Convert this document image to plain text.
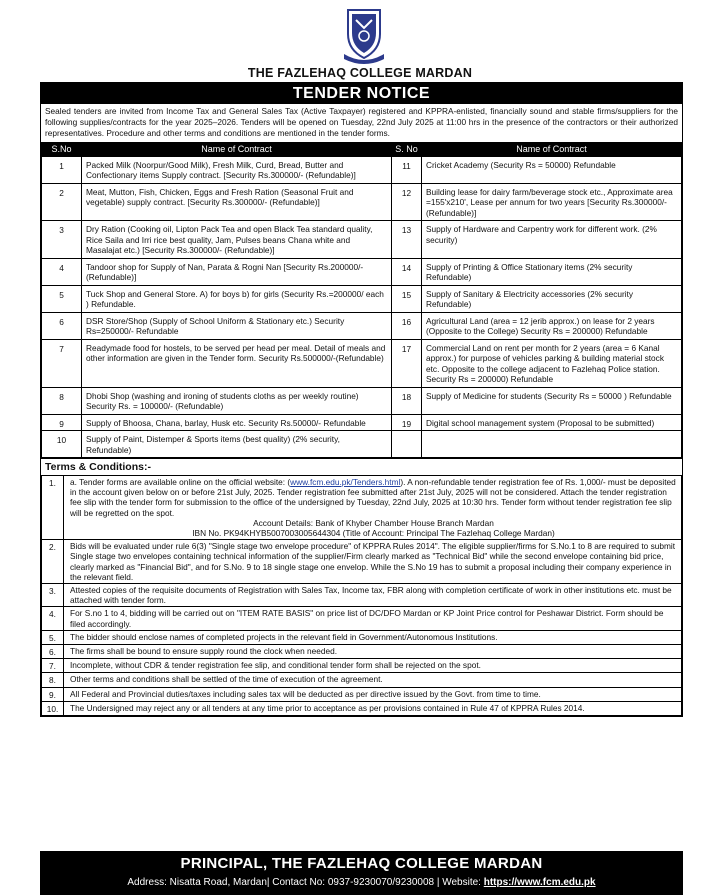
THE FAZLEHAQ COLLEGE MARDAN
TENDER NOTICE
Sealed tenders are invited from Income Tax and General Sales Tax (Active Taxpayer) registered and KPPRA-enlisted, financially sound and stable firms/suppliers for the following supplies/contracts for the year 2025–2026. Tenders will be opened on Tuesday, 22nd July 2025 at 11:00 hrs in the presence of the contractors or their authorized representatives. Procedure and other terms and conditions are mentioned in the tender forms.
S.No	Name of Contract	S. No	Name of Contract
1	Packed Milk (Noorpur/Good Milk), Fresh Milk, Curd, Bread, Butter and Confectionary items Supply contract. [Security Rs.300000/- (Refundable)]	11	Cricket Academy (Security Rs = 50000) Refundable
2	Meat, Mutton, Fish, Chicken, Eggs and Fresh Ration (Seasonal Fruit and vegetable) supply contract. [Security Rs.300000/- (Refundable)]	12	Building lease for dairy farm/beverage stock etc., Approximate area =155'x210', Lease per annum for two years [Security Rs.300000/- (Refundable)]
3	Dry Ration (Cooking oil, Lipton Pack Tea and open Black Tea standard quality, Rice Saila and Irri rice best quality, Jam, Pulses beans Chana white and Masalajat etc.) [Security Rs.300000/- (Refundable)]	13	Supply of Hardware and Carpentry work for different work. (2% security)
4	Tandoor shop for Supply of Nan, Parata & Rogni Nan [Security Rs.200000/- (Refundable)]	14	Supply of Printing & Office Stationary items (2% security Refundable)
5	Tuck Shop and General Store. A) for boys b) for girls (Security Rs.=200000/ each ) Refundable.	15	Supply of Sanitary & Electricity accessories (2% security Refundable)
6	DSR Store/Shop (Supply of School Uniform & Stationary etc.) Security Rs=250000/- Refundable	16	Agricultural Land (area = 12 jerib approx.) on lease for 2 years (Opposite to the College) Security Rs = 200000) Refundable
7	Readymade food for hostels, to be served per head per meal. Detail of meals and other information are given in the Tender form. Security Rs.500000/-(Refundable)	17	Commercial Land on rent per month for 2 years (area = 6 Kanal approx.) for purpose of vehicles parking & building material stock etc. Opposite to the college adjacent to Fazlehaq Police station. Security Rs = 200000) Refundable
8	Dhobi Shop (washing and ironing of students cloths as per weekly routine) Security Rs. = 100000/- (Refundable)	18	Supply of Medicine for students (Security Rs = 50000 ) Refundable
9	Supply of Bhoosa, Chana, barlay, Husk etc. Security Rs.50000/- Refundable	19	Digital school management system (Proposal to be submitted)
10	Supply of Paint, Distemper & Sports items (best quality) (2% security, Refundable)		
Terms & Conditions:-
1.	a. Tender forms are available online on the official website: (www.fcm.edu.pk/Tenders.html). A non-refundable tender registration fee of Rs. 1,000/- must be deposited in the account given below on or before 21st July, 2025. Tender registration fee submitted after 21st July, 2025 will not be considered. Attach the tender registration fee slip with the tender form for submission to the office of the undersigned by Tuesday, 22nd July, 2025 at 10:30 hrs. Tender form without tender registration fee slip will be regretted on the spot.
Account Details: Bank of Khyber Chamber House Branch Mardan
IBN No. PK94KHYB5007003005644304 (Title of Account: Principal The Fazlehaq College Mardan)

2.	Bids will be evaluated under rule 6(3) "Single stage two envelope procedure" of KPPRA Rules 2014". The eligible supplier/firms for S.No.1 to 8 are required to submit Single stage two envelopes containing technical information of the supplier/Firm clearly marked as "Technical Bid" while the second envelope containing bid price, clearly marked as "Financial Bid", and for S.No. 9 to 18 single stage one envelop. While the S.No 19 has to submit a proposal including their company experience in the relevant field.
3.	Attested copies of the requisite documents of Registration with Sales Tax, Income tax, FBR along with completion certificate of work in other institutions etc. must be attached with tender form.
4.	For S.no 1 to 4, bidding will be carried out on "ITEM RATE BASIS" on price list of DC/DFO Mardan or KP Joint Price control for Peshawar District. Form should be filed accordingly.
5.	The bidder should enclose names of completed projects in the relevant field in Government/Autonomous Institutions.
6.	The firms shall be bound to ensure supply round the clock when needed.
7.	Incomplete, without CDR & tender registration fee slip, and conditional tender form shall be rejected on the spot.
8.	Other terms and conditions shall be settled of the time of execution of the agreement.
9.	All Federal and Provincial duties/taxes including sales tax will be deducted as per directive issued by the Govt. from time to time.
10.	The Undersigned may reject any or all tenders at any time prior to acceptance as per provisions contained in Rule 47 of KPPRA Rules 2014.
PRINCIPAL, THE FAZLEHAQ COLLEGE MARDAN
Address: Nisatta Road, Mardan| Contact No: 0937-9230070/9230008 | Website: https://www.fcm.edu.pk
